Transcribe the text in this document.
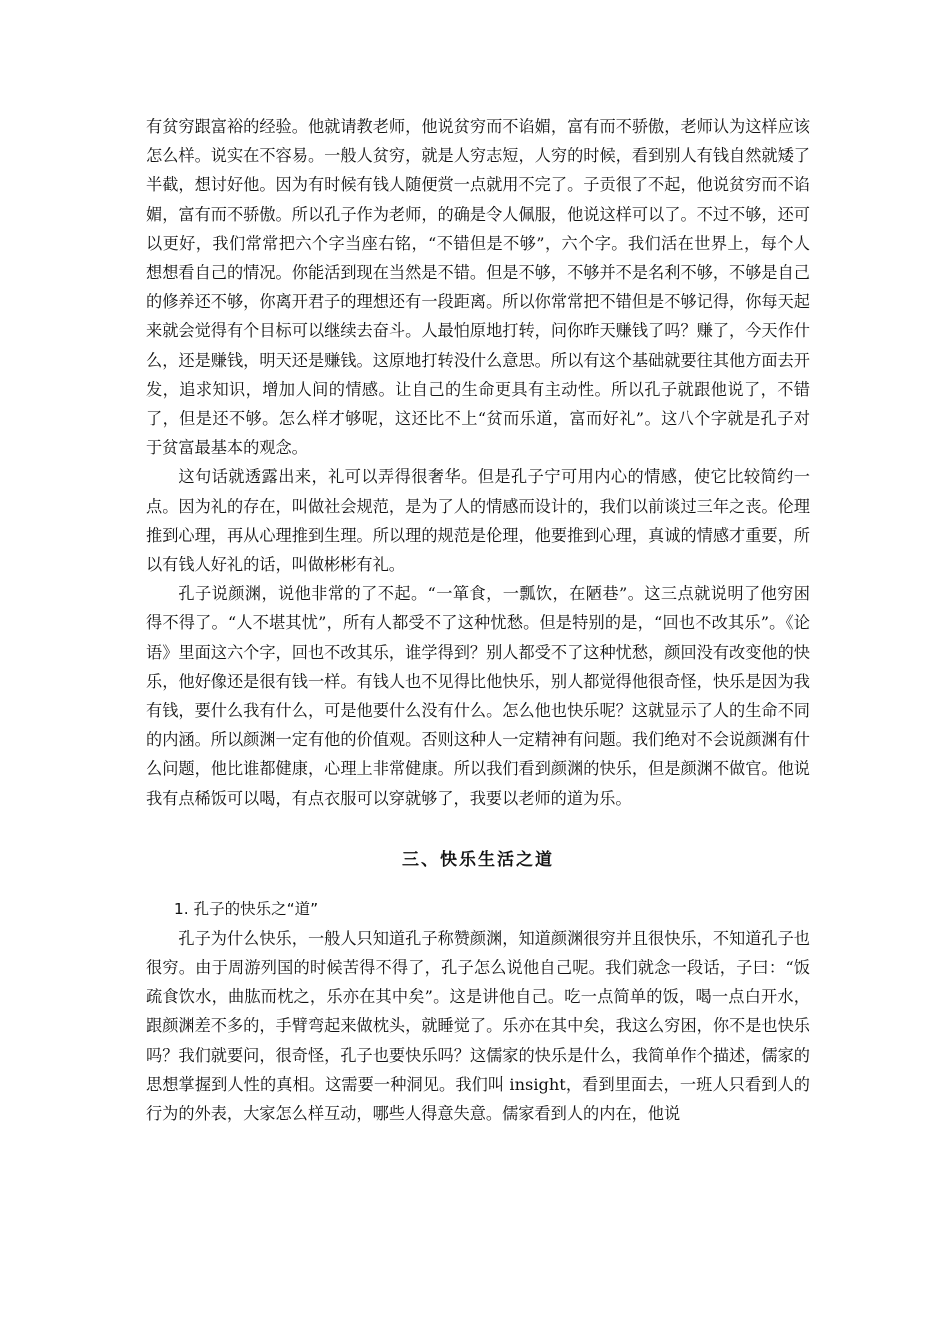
有贫穷跟富裕的经验。他就请教老师，他说贫穷而不谄媚，富有而不骄傲，老师认为这样应该怎么样。说实在不容易。一般人贫穷，就是人穷志短，人穷的时候，看到别人有钱自然就矮了半截，想讨好他。因为有时候有钱人随便赏一点就用不完了。子贡很了不起，他说贫穷而不谄媚，富有而不骄傲。所以孔子作为老师，的确是令人佩服，他说这样可以了。不过不够，还可以更好，我们常常把六个字当座右铭，“不错但是不够”，六个字。我们活在世界上，每个人想想看自己的情况。你能活到现在当然是不错。但是不够，不够并不是名利不够，不够是自己的修养还不够，你离开君子的理想还有一段距离。所以你常常把不错但是不够记得，你每天起来就会觉得有个目标可以继续去奋斗。人最怕原地打转，问你昨天赚钱了吗？赚了，今天作什么，还是赚钱，明天还是赚钱。这原地打转没什么意思。所以有这个基础就要往其他方面去开发，追求知识，增加人间的情感。让自己的生命更具有主动性。所以孔子就跟他说了，不错了，但是还不够。怎么样才够呢，这还比不上“贫而乐道，富而好礼”。这八个字就是孔子对于贫富最基本的观念。

这句话就透露出来，礼可以弄得很奢华。但是孔子宁可用内心的情感，使它比较简约一点。因为礼的存在，叫做社会规范，是为了人的情感而设计的，我们以前谈过三年之丧。伦理推到心理，再从心理推到生理。所以理的规范是伦理，他要推到心理，真诚的情感才重要，所以有钱人好礼的话，叫做彬彬有礼。

孔子说颜渊，说他非常的了不起。“一箪食，一瓢饮，在陋巷”。这三点就说明了他穷困得不得了。“人不堪其忧”，所有人都受不了这种忧愁。但是特别的是，“回也不改其乐”。《论语》里面这六个字，回也不改其乐，谁学得到？别人都受不了这种忧愁，颜回没有改变他的快乐，他好像还是很有钱一样。有钱人也不见得比他快乐，别人都觉得他很奇怪，快乐是因为我有钱，要什么我有什么，可是他要什么没有什么。怎么他也快乐呢？这就显示了人的生命不同的内涵。所以颜渊一定有他的价值观。否则这种人一定精神有问题。我们绝对不会说颜渊有什么问题，他比谁都健康，心理上非常健康。所以我们看到颜渊的快乐，但是颜渊不做官。他说我有点稀饭可以喝，有点衣服可以穿就够了，我要以老师的道为乐。

三、快乐生活之道

1. 孔子的快乐之“道”

孔子为什么快乐，一般人只知道孔子称赞颜渊，知道颜渊很穷并且很快乐，不知道孔子也很穷。由于周游列国的时候苦得不得了，孔子怎么说他自己呢。我们就念一段话，子曰：“饭疏食饮水，曲肱而枕之，乐亦在其中矣”。这是讲他自己。吃一点简单的饭，喝一点白开水，跟颜渊差不多的，手臂弯起来做枕头，就睡觉了。乐亦在其中矣，我这么穷困，你不是也快乐吗？我们就要问，很奇怪，孔子也要快乐吗？这儒家的快乐是什么，我简单作个描述，儒家的思想掌握到人性的真相。这需要一种洞见。我们叫 insight，看到里面去，一班人只看到人的行为的外表，大家怎么样互动，哪些人得意失意。儒家看到人的内在，他说
